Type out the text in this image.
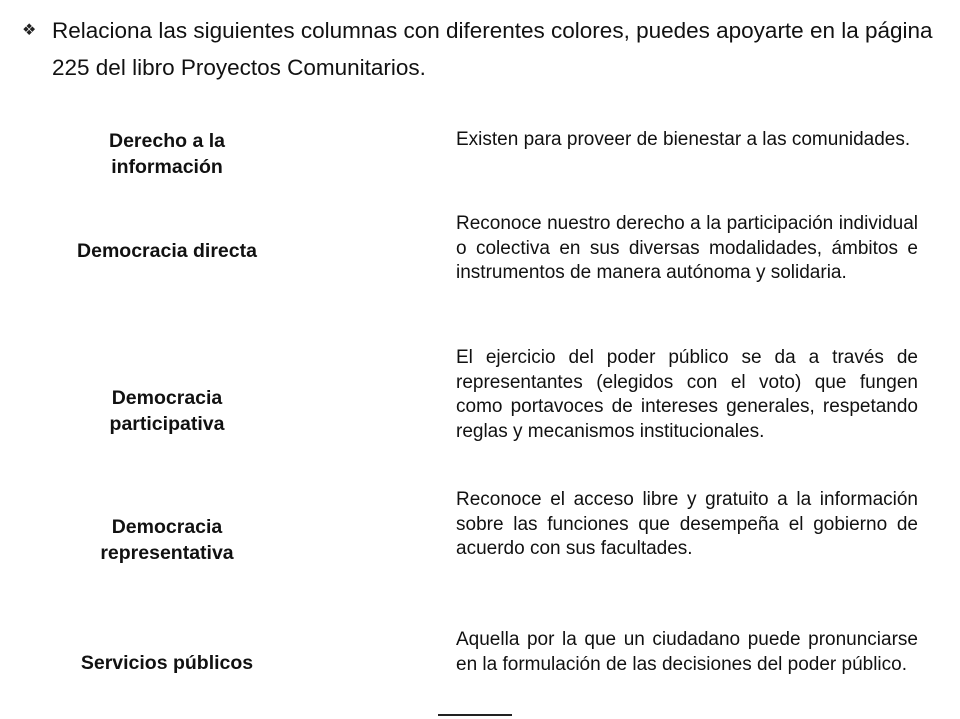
❖ Relaciona las siguientes columnas con diferentes colores, puedes apoyarte en la página 225 del libro Proyectos Comunitarios.
Derecho a la información
Democracia directa
Democracia participativa
Democracia representativa
Servicios públicos
Existen para proveer de bienestar a las comunidades.
Reconoce nuestro derecho a la participación individual o colectiva en sus diversas modalidades, ámbitos e instrumentos de manera autónoma y solidaria.
El ejercicio del poder público se da a través de representantes (elegidos con el voto) que fungen como portavoces de intereses generales, respetando reglas y mecanismos institucionales.
Reconoce el acceso libre y gratuito a la información sobre las funciones que desempeña el gobierno de acuerdo con sus facultades.
Aquella por la que un ciudadano puede pronunciarse en la formulación de las decisiones del poder público.
